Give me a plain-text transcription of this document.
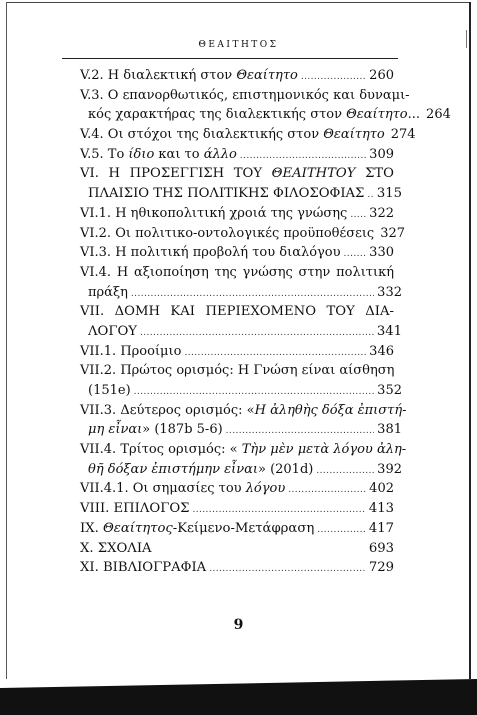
ΘΕΑΙΤΗΤΟΣ
V.2. Η διαλεκτική στον Θεαίτητο .....	260
V.3. Ο επανορθωτικός, επιστημονικός και δυναμι-
κός χαρακτήρας της διαλεκτικής στον Θεαίτητο... 264
V.4. Οι στόχοι της διαλεκτικής στον Θεαίτητο 274
V.5. Το ίδιο και το άλλο .....	309
VI. Η ΠΡΟΣΕΓΓΙΣΗ ΤΟΥ ΘΕΑΙΤΗΤΟΥ ΣΤΟ
ΠΛΑΙΣΙΟ ΤΗΣ ΠΟΛΙΤΙΚΗΣ ΦΙΛΟΣΟΦΙΑΣ ..... 315
VI.1. Η ηθικοπολιτική χροιά της γνώσης ..... 322
VI.2. Οι πολιτικο-οντολογικές προϋποθέσεις 327
VI.3. Η πολιτική προβολή του διαλόγου ..... 330
VI.4. Η αξιοποίηση της γνώσης στην πολιτική
πράξη .....	332
VII. ΔΟΜΗ ΚΑΙ ΠΕΡΙΕΧΟΜΕΝΟ ΤΟΥ ΔΙΑ-
ΛΟΓΟΥ .....	341
VII.1. Προοίμιο .....	346
VII.2. Πρώτος ορισμός: Η Γνώση είναι αίσθηση
(151e) .....	352
VII.3. Δεύτερος ορισμός: «Η ἀληθὴς δόξα ἐπιστή-
μη εἶναι» (187b 5-6) .....	381
VII.4. Τρίτος ορισμός: « Τὴν μὲν μετὰ λόγου ἀλη-
θῆ δόξαν ἐπιστήμην εἶναι» (201d) .....	392
VII.4.1. Οι σημασίες του λόγου .....	402
VIII. ΕΠΙΛΟΓΟΣ .....	413
IX. Θεαίτητος-Κείμενο-Μετάφραση .....	417
X. ΣΧΟΛΙΑ	693
XI. ΒΙΒΛΙΟΓΡΑΦΙΑ .....	729
9
